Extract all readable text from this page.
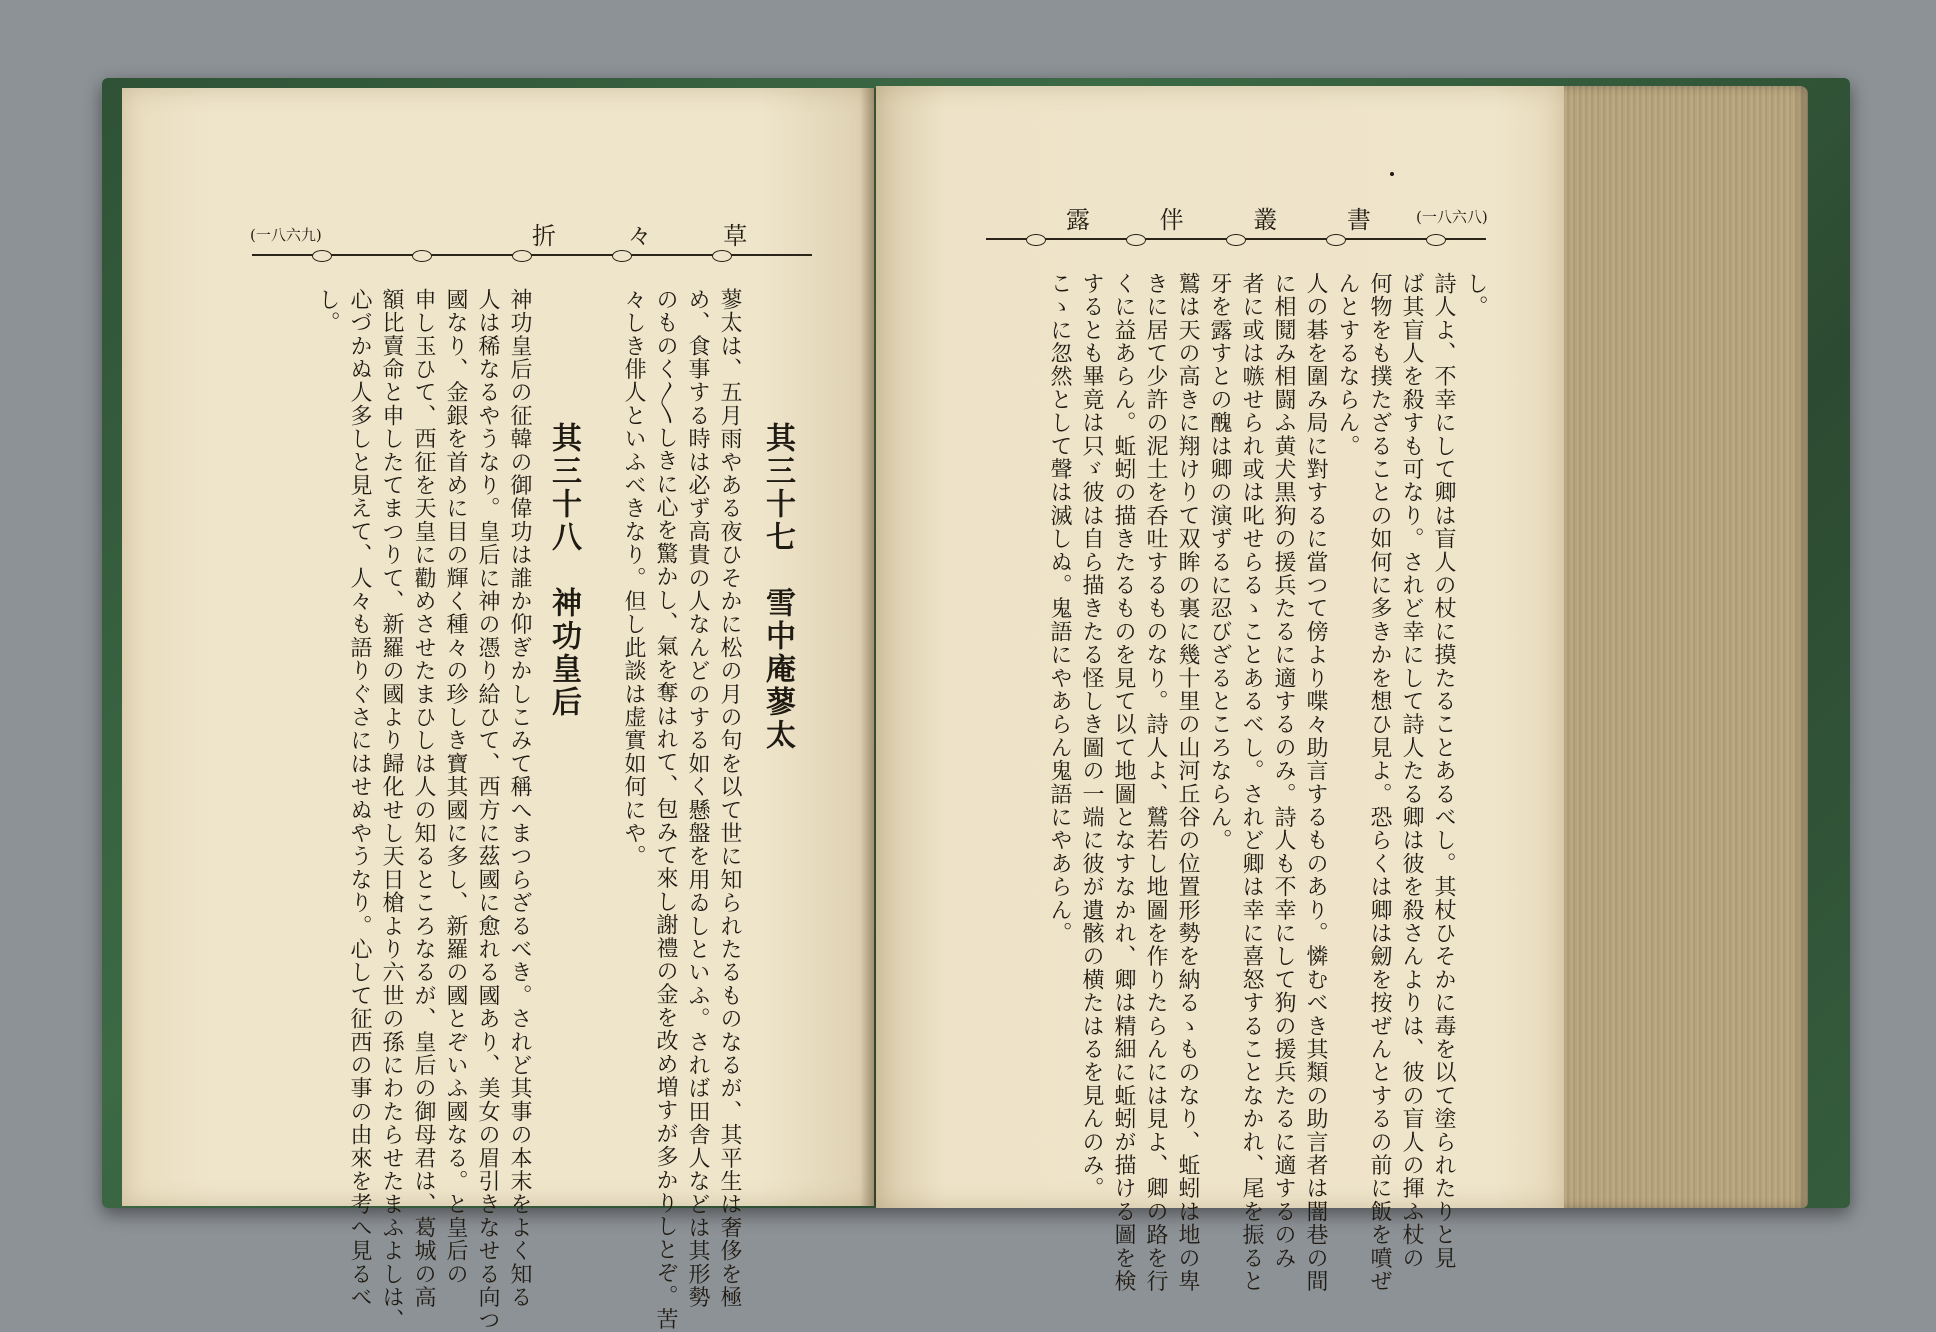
(一八六九)	折 々 草
其三十七　雪中庵蓼太
蓼太は、五月雨やある夜ひそかに松の月の句を以て世に知られたるものなるが、其平生は奢侈を極
め、食事する時は必ず高貴の人なんどのする如く懸盤を用ゐしといふ。されば田舎人などは其形勢
のものく〳〵しきに心を驚かし、氣を奪はれて、包みて來し謝禮の金を改め増すが多かりしとぞ。苦
々しき俳人といふべきなり。但し此談は虚實如何にや。
其三十八　神功皇后
神功皇后の征韓の御偉功は誰か仰ぎかしこみて稱へまつらざるべき。されど其事の本末をよく知る
人は稀なるやうなり。皇后に神の憑り給ひて、西方に茲國に愈れる國あり、美女の眉引きなせる向つ
國なり、金銀を首めに目の輝く種々の珍しき寶其國に多し、新羅の國とぞいふ國なる。と皇后の
申し玉ひて、西征を天皇に勸めさせたまひしは人の知るところなるが、皇后の御母君は、葛城の高
額比賣命と申したてまつりて、新羅の國より歸化せし天日槍より六世の孫にわたらせたまふよしは、
心づかぬ人多しと見えて、人々も語りぐさにはせぬやうなり。心して征西の事の由來を考へ見るべ
し。
(一八六八)
露 伴 叢 書
し。
詩人よ、不幸にして卿は盲人の杖に摸たることあるべし。其杖ひそかに毒を以て塗られたりと見
ば其盲人を殺すも可なり。されど幸にして詩人たる卿は彼を殺さんよりは、彼の盲人の揮ふ杖の
何物をも撲たざることの如何に多きかを想ひ見よ。恐らくは卿は劒を按ぜんとするの前に飯を噴ぜ
んとするならん。
人の碁を圍み局に對するに當つて傍より喋々助言するものあり。憐むべき其類の助言者は闇巷の間
に相鬩み相闘ふ黄犬黒狗の援兵たるに適するのみ。詩人も不幸にして狗の援兵たるに適するのみ
者に或は嗾せられ或は叱せらるゝことあるべし。されど卿は幸に喜怒することなかれ、尾を振ると
牙を露すとの醜は卿の演ずるに忍びざるところならん。
鷲は天の高きに翔けりて双眸の裏に幾十里の山河丘谷の位置形勢を納るゝものなり、蚯蚓は地の卑
きに居て少許の泥土を呑吐するものなり。詩人よ、鷲若し地圖を作りたらんには見よ、卿の路を行
くに益あらん。蚯蚓の描きたるものを見て以て地圖となすなかれ、卿は精細に蚯蚓が描ける圖を検
するとも畢竟は只ゞ彼は自ら描きたる怪しき圖の一端に彼が遺骸の横たはるを見んのみ。
こゝに忽然として聲は滅しぬ。鬼語にやあらん鬼語にやあらん。
